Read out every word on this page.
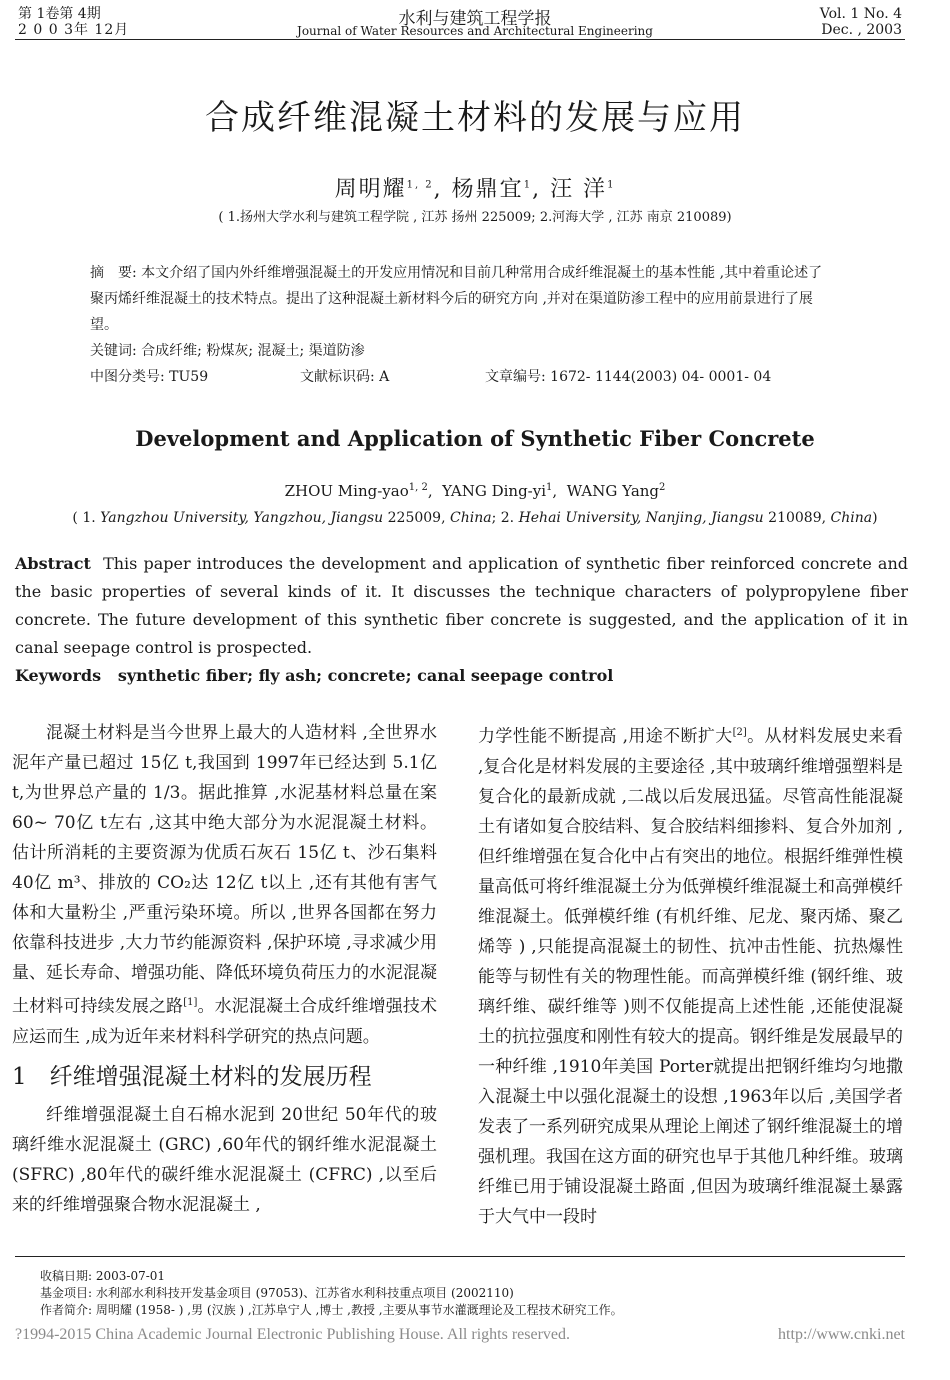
第 1卷第 4期
2 0 0 3年 12月
水利与建筑工程学报
Journal of Water Resources and Architectural Engineering
Vol. 1 No. 4
Dec. , 2003
合成纤维混凝土材料的发展与应用
周明耀$^{1, 2}$, 杨鼎宜$^1$, 汪 洋$^1$
( 1.扬州大学水利与建筑工程学院 , 江苏 扬州 225009; 2.河海大学 , 江苏 南京 210089)

摘　要: 本文介绍了国内外纤维增强混凝土的开发应用情况和目前几种常用合成纤维混凝土的基本性能 ,其中着重论述了聚丙烯纤维混凝土的技术特点。提出了这种混凝土新材料今后的研究方向 ,并对在渠道防渗工程中的应用前景进行了展望。

关键词: 合成纤维; 粉煤灰; 混凝土; 渠道防渗

中图分类号: TU59	文献标识码: A	文章编号: 1672- 1144(2003) 04- 0001- 04

Development and Application of Synthetic Fiber Concrete
ZHOU Ming-yao$^{1, 2}$,  YANG Ding-$yi^1$,  WANG Yang$^2$
( 1. Yangzhou University, Yangzhou, Jiangsu 225009, China; 2. Hehai University, Nanjing, Jiangsu 210089, China)

Abstract This paper introduces the development and application of synthetic fiber reinforced concrete and the basic properties of several kinds of it. It discusses the technique characters of polypropylene fiber concrete. The future development of this synthetic fiber concrete is suggested, and the application of it in canal seepage control is prospected.

Keywords synthetic fiber; fly ash; concrete; canal seepage control

混凝土材料是当今世界上最大的人造材料 ,全世界水泥年产量已超过 15亿 t,我国到 1997年已经达到 5.1亿 t,为世界总产量的 1/3。据此推算 ,水泥基材料总量在案 60~ 70亿 t左右 ,这其中绝大部分为水泥混凝土材料。估计所消耗的主要资源为优质石灰石 15亿 t、沙石集料 40亿 m³、排放的 CO₂达 12亿 t以上 ,还有其他有害气体和大量粉尘 ,严重污染环境。所以 ,世界各国都在努力依靠科技进步 ,大力节约能源资料 ,保护环境 ,寻求减少用量、延长寿命、增强功能、降低环境负荷压力的水泥混凝土材料可持续发展之路[1]。水泥混凝土合成纤维增强技术应运而生 ,成为近年来材料科学研究的热点问题。

1　纤维增强混凝土材料的发展历程

纤维增强混凝土自石棉水泥到 20世纪 50年代的玻璃纤维水泥混凝土 (GRC) ,60年代的钢纤维水泥混凝土 (SFRC) ,80年代的碳纤维水泥混凝土 (CFRC) ,以至后来的纤维增强聚合物水泥混凝土 ,

力学性能不断提高 ,用途不断扩大[2]。从材料发展史来看 ,复合化是材料发展的主要途径 ,其中玻璃纤维增强塑料是复合化的最新成就 ,二战以后发展迅猛。尽管高性能混凝土有诸如复合胶结料、复合胶结料细掺料、复合外加剂 ,但纤维增强在复合化中占有突出的地位。根据纤维弹性模量高低可将纤维混凝土分为低弹模纤维混凝土和高弹模纤维混凝土。低弹模纤维 (有机纤维、尼龙、聚丙烯、聚乙烯等 ) ,只能提高混凝土的韧性、抗冲击性能、抗热爆性能等与韧性有关的物理性能。而高弹模纤维 (钢纤维、玻璃纤维、碳纤维等 )则不仅能提高上述性能 ,还能使混凝土的抗拉强度和刚性有较大的提高。钢纤维是发展最早的一种纤维 ,1910年美国 Porter就提出把钢纤维均匀地撒入混凝土中以强化混凝土的设想 ,1963年以后 ,美国学者发表了一系列研究成果从理论上阐述了钢纤维混凝土的增强机理。我国在这方面的研究也早于其他几种纤维。玻璃纤维已用于铺设混凝土路面 ,但因为玻璃纤维混凝土暴露于大气中一段时

收稿日期: 2003-07-01

基金项目: 水利部水利科技开发基金项目 (97053)、江苏省水利科技重点项目 (2002110)

作者简介: 周明耀 (1958- ) ,男 (汉族 ) ,江苏阜宁人 ,博士 ,教授 ,主要从事节水灌溉理论及工程技术研究工作。

?1994-2015 China Academic Journal Electronic Publishing House. All rights reserved.	http://www.cnki.net
